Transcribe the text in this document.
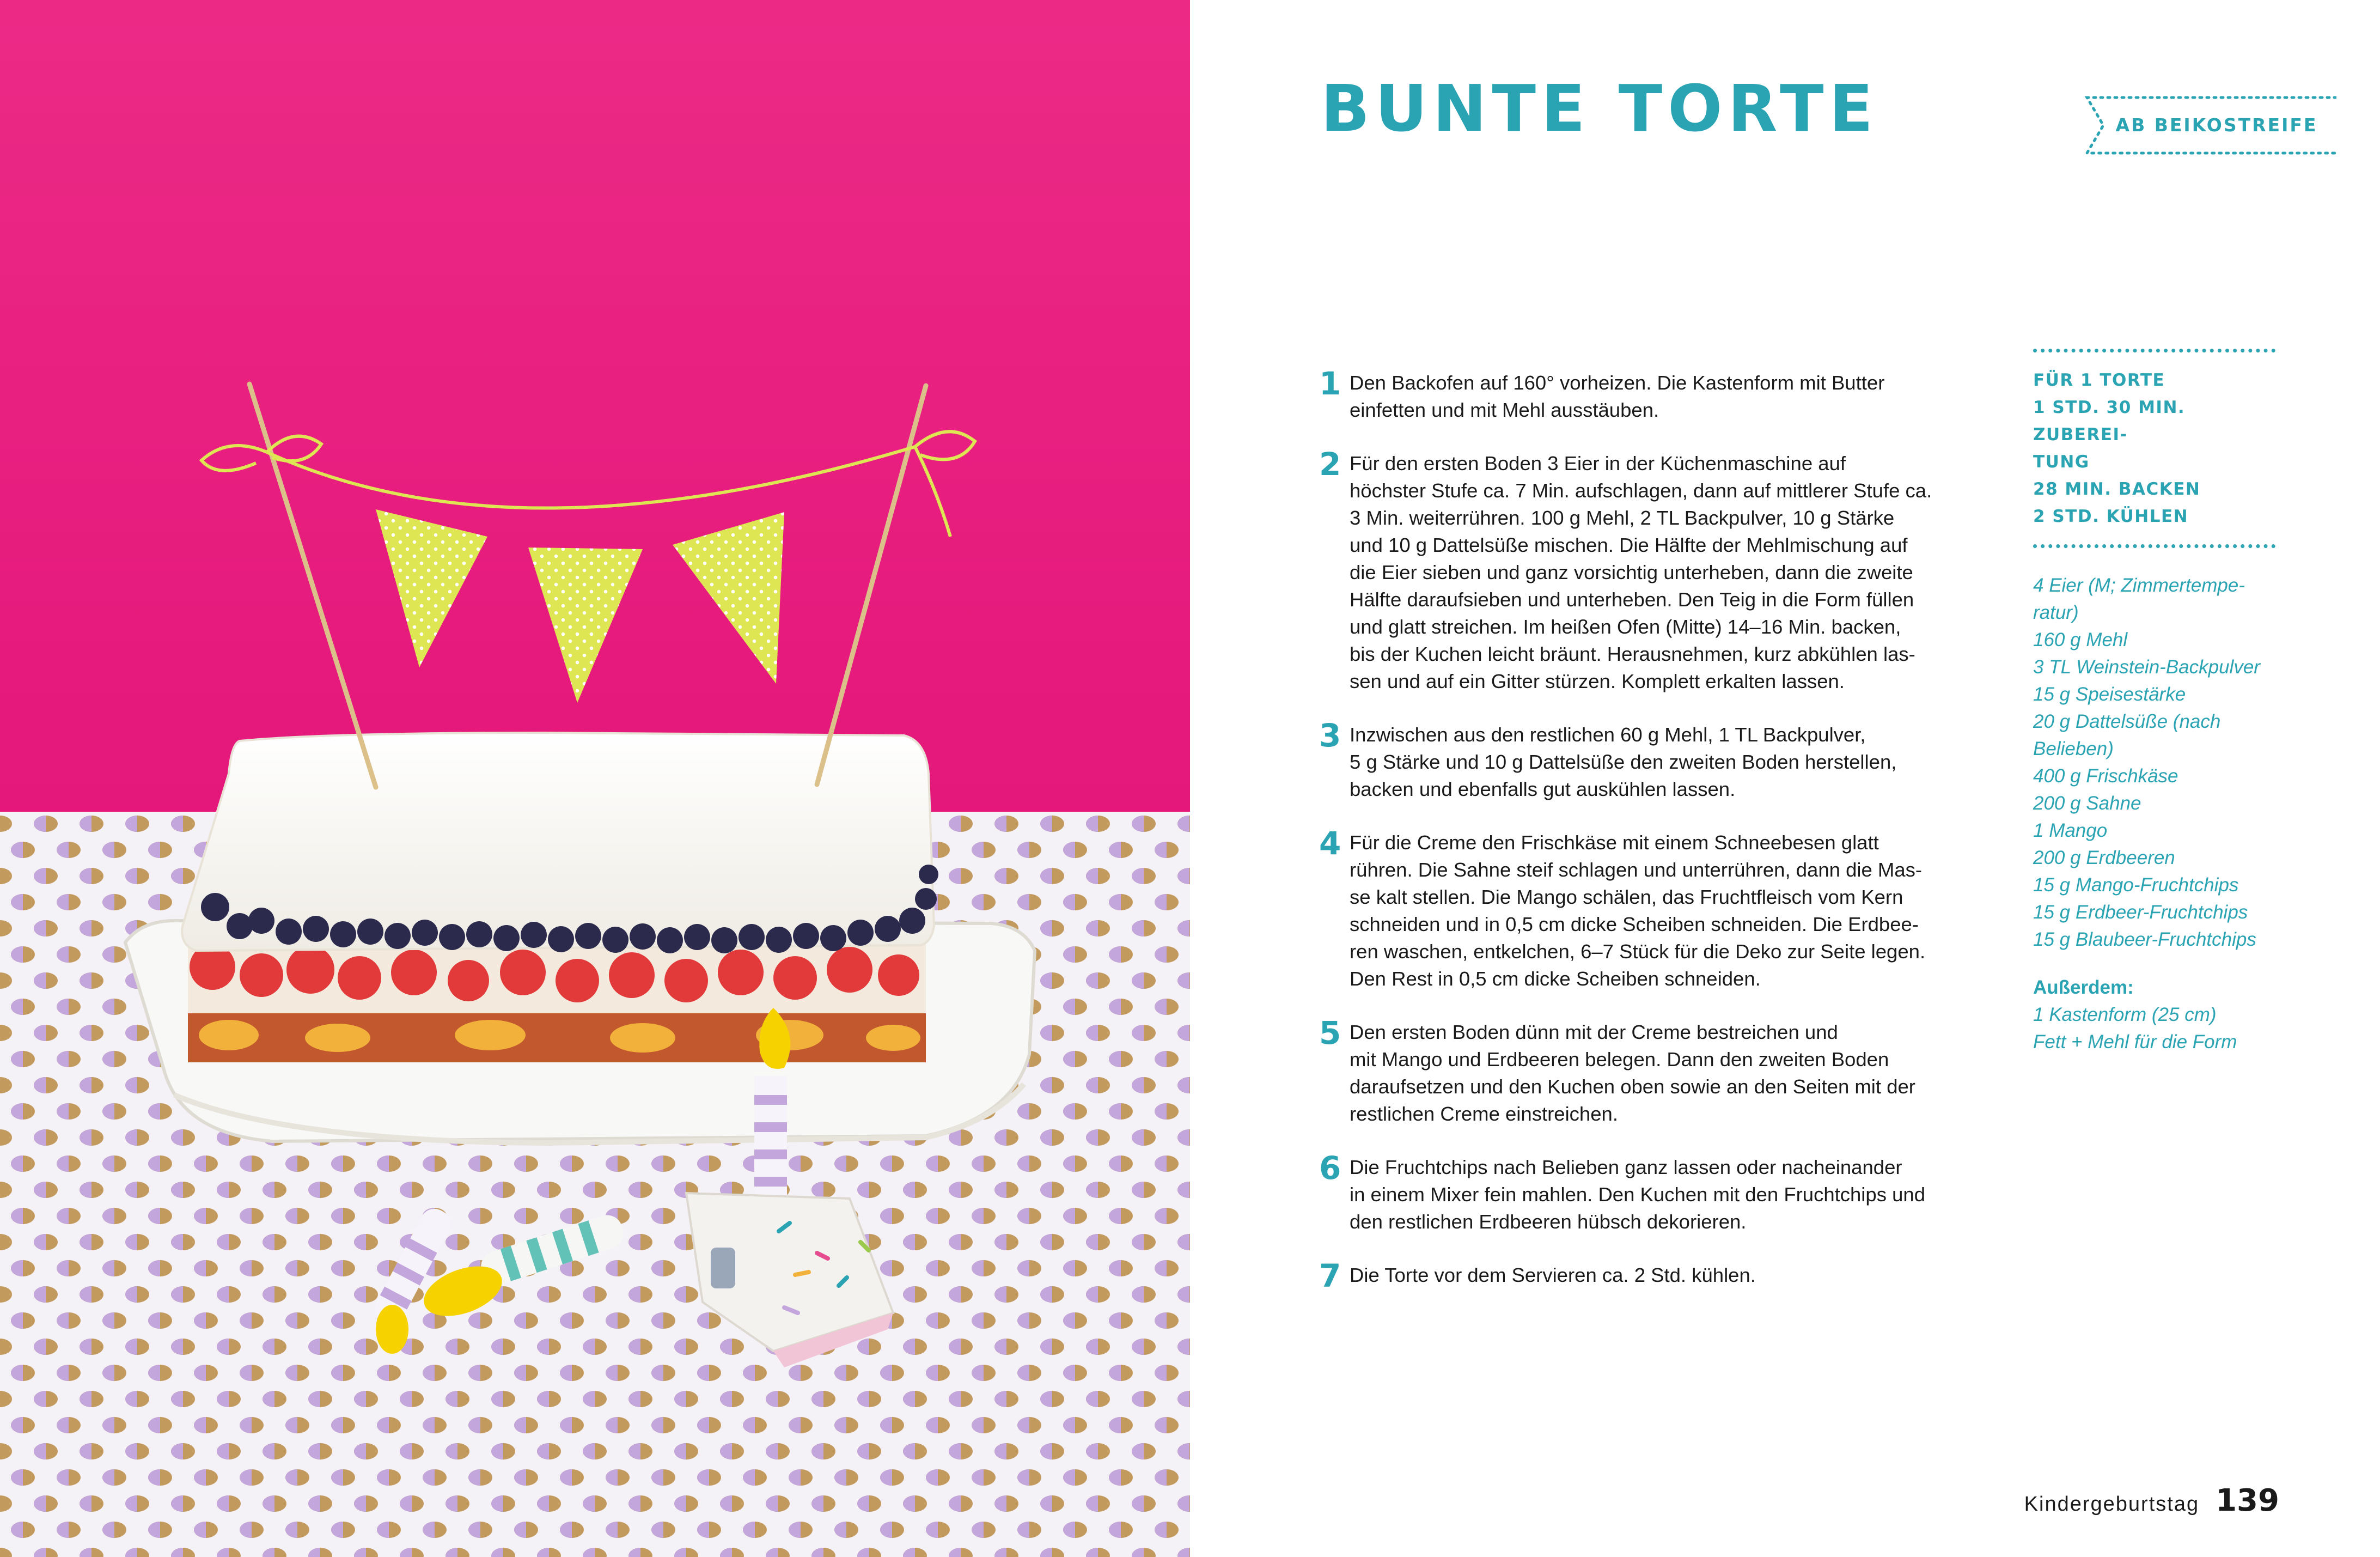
BUNTE TORTE	AB BEIKOSTREIFE
1 Den Backofen auf 160° vorheizen. Die Kastenform mit Butter
einfetten und mit Mehl ausstäuben.
2 Für den ersten Boden 3 Eier in der Küchenmaschine auf
höchster Stufe ca. 7 Min. aufschlagen, dann auf mittlerer Stufe ca.
3 Min. weiterrühren. 100 g Mehl, 2 TL Backpulver, 10 g Stärke
und 10 g Dattelsüße mischen. Die Hälfte der Mehlmischung auf
die Eier sieben und ganz vorsichtig unterheben, dann die zweite
Hälfte daraufsieben und unterheben. Den Teig in die Form füllen
und glatt streichen. Im heißen Ofen (Mitte) 14–16 Min. backen,
bis der Kuchen leicht bräunt. Herausnehmen, kurz abkühlen las-
sen und auf ein Gitter stürzen. Komplett erkalten lassen.
3 Inzwischen aus den restlichen 60 g Mehl, 1 TL Backpulver,
5 g Stärke und 10 g Dattelsüße den zweiten Boden herstellen,
backen und ebenfalls gut auskühlen lassen.
4 Für die Creme den Frischkäse mit einem Schneebesen glatt
rühren. Die Sahne steif schlagen und unterrühren, dann die Mas-
se kalt stellen. Die Mango schälen, das Fruchtfleisch vom Kern
schneiden und in 0,5 cm dicke Scheiben schneiden. Die Erdbee-
ren waschen, entkelchen, 6–7 Stück für die Deko zur Seite legen.
Den Rest in 0,5 cm dicke Scheiben schneiden.
5 Den ersten Boden dünn mit der Creme bestreichen und
mit Mango und Erdbeeren belegen. Dann den zweiten Boden
daraufsetzen und den Kuchen oben sowie an den Seiten mit der
restlichen Creme einstreichen.
6 Die Fruchtchips nach Belieben ganz lassen oder nacheinander
in einem Mixer fein mahlen. Den Kuchen mit den Fruchtchips und
den restlichen Erdbeeren hübsch dekorieren.
7 Die Torte vor dem Servieren ca. 2 Std. kühlen.
FÜR 1 TORTE
1 STD. 30 MIN. ZUBEREI-
TUNG
28 MIN. BACKEN
2 STD. KÜHLEN
4 Eier (M; Zimmertempe-
ratur)
160 g Mehl
3 TL Weinstein-Backpulver
15 g Speisestärke
20 g Dattelsüße (nach
Belieben)
400 g Frischkäse
200 g Sahne
1 Mango
200 g Erdbeeren
15 g Mango-Fruchtchips
15 g Erdbeer-Fruchtchips
15 g Blaubeer-Fruchtchips
Außerdem:
1 Kastenform (25 cm)
Fett + Mehl für die Form
Kindergeburtstag 139
